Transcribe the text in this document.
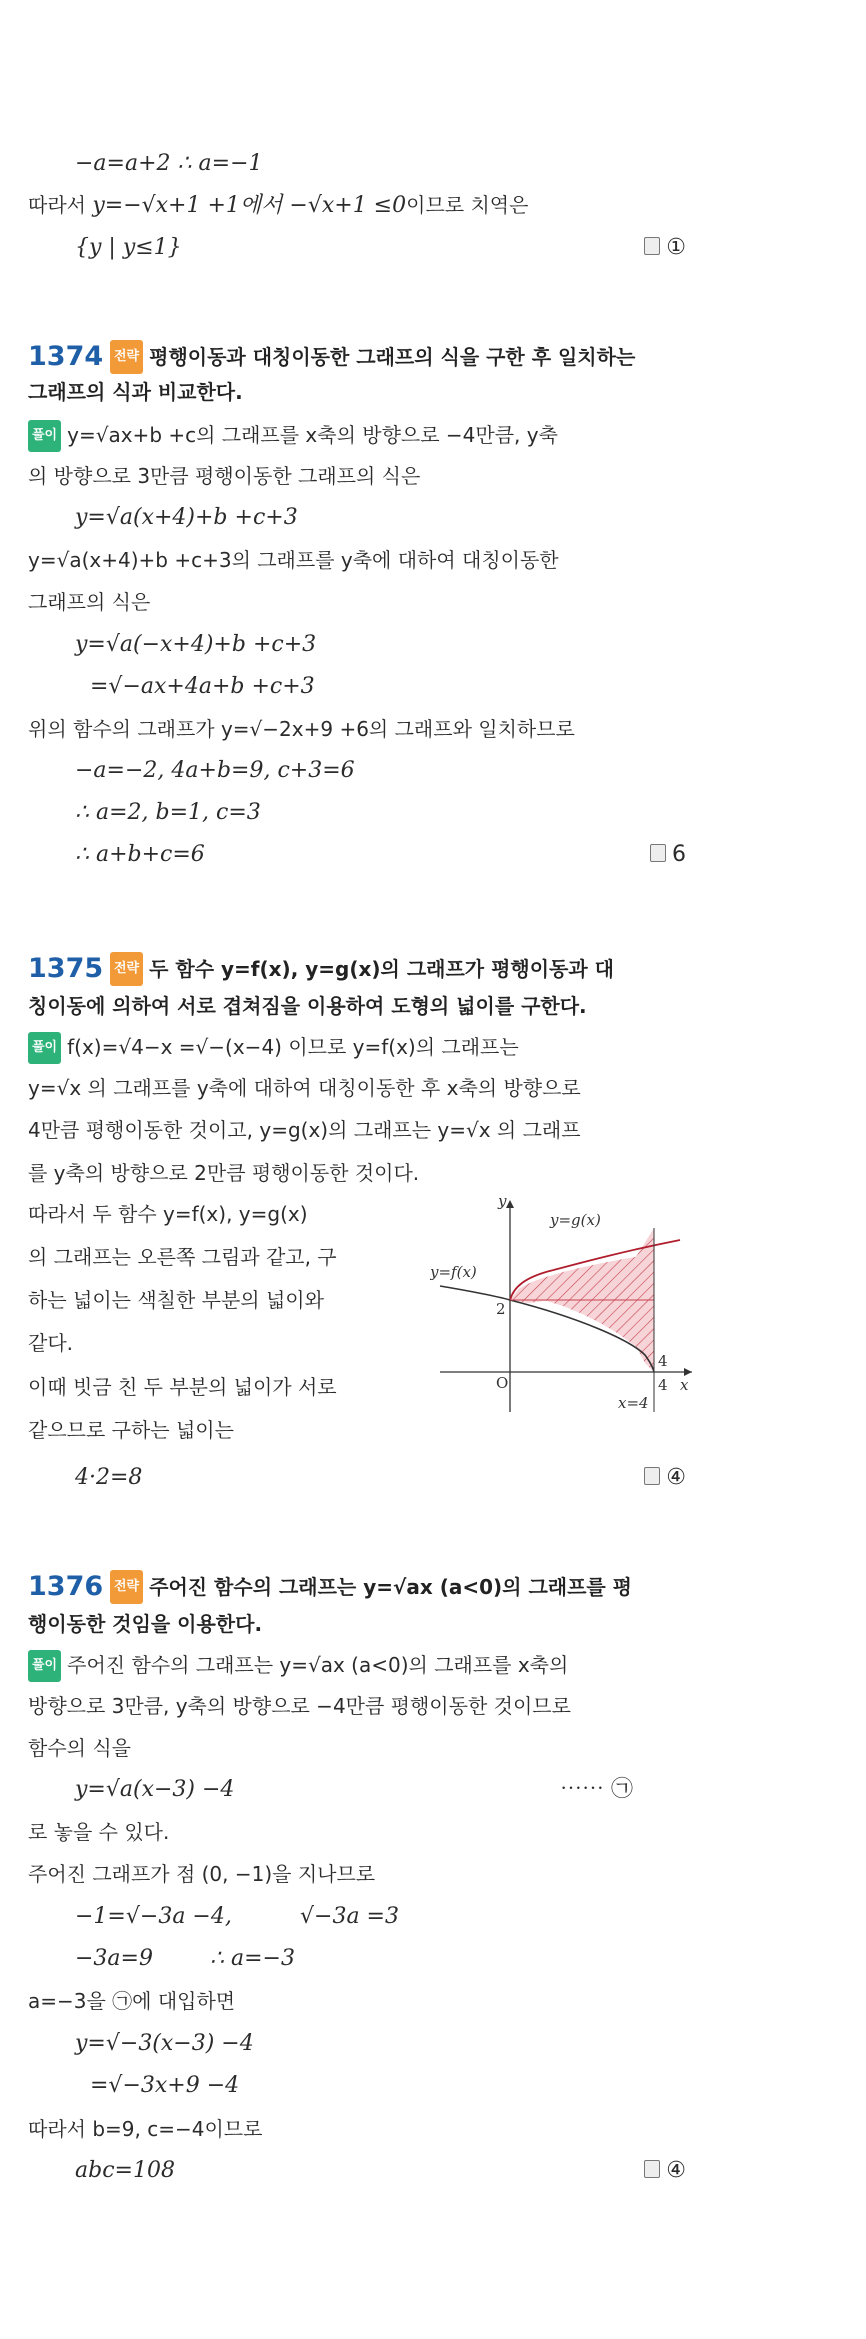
−a=a+2 ∴ a=−1
따라서 y=−√x+1 +1에서 −√x+1 ≤0이므로 치역은
{y | y≤1}	①
1374 전략 평행이동과 대칭이동한 그래프의 식을 구한 후 일치하는
그래프의 식과 비교한다.
풀이 y=√ax+b +c의 그래프를 x축의 방향으로 −4만큼, y축
의 방향으로 3만큼 평행이동한 그래프의 식은
y=√a(x+4)+b +c+3
y=√a(x+4)+b +c+3의 그래프를 y축에 대하여 대칭이동한
그래프의 식은
y=√a(−x+4)+b +c+3
=√−ax+4a+b +c+3
위의 함수의 그래프가 y=√−2x+9 +6의 그래프와 일치하므로
−a=−2, 4a+b=9, c+3=6
∴ a=2, b=1, c=3
∴ a+b+c=6	6
1375 전략 두 함수 y=f(x), y=g(x)의 그래프가 평행이동과 대
칭이동에 의하여 서로 겹쳐짐을 이용하여 도형의 넓이를 구한다.
풀이 f(x)=√4−x =√−(x−4) 이므로 y=f(x)의 그래프는
y=√x 의 그래프를 y축에 대하여 대칭이동한 후 x축의 방향으로
4만큼 평행이동한 것이고, y=g(x)의 그래프는 y=√x 의 그래프
를 y축의 방향으로 2만큼 평행이동한 것이다.
따라서 두 함수 y=f(x), y=g(x)
의 그래프는 오른쪽 그림과 같고, 구
하는 넓이는 색칠한 부분의 넓이와
같다.
이때 빗금 친 두 부분의 넓이가 서로
같으므로 구하는 넓이는
4·2=8	④
y
x
O
y=g(x)
y=f(x)
2
4
4
x=4
1376 전략 주어진 함수의 그래프는 y=√ax (a<0)의 그래프를 평
행이동한 것임을 이용한다.
풀이 주어진 함수의 그래프는 y=√ax (a<0)의 그래프를 x축의
방향으로 3만큼, y축의 방향으로 −4만큼 평행이동한 것이므로
함수의 식을
y=√a(x−3) −4	⋯⋯ ㉠
로 놓을 수 있다.
주어진 그래프가 점 (0, −1)을 지나므로
−1=√−3a −4,	√−3a =3
−3a=9	∴ a=−3
a=−3을 ㉠에 대입하면
y=√−3(x−3) −4
=√−3x+9 −4
따라서 b=9, c=−4이므로
abc=108	④
